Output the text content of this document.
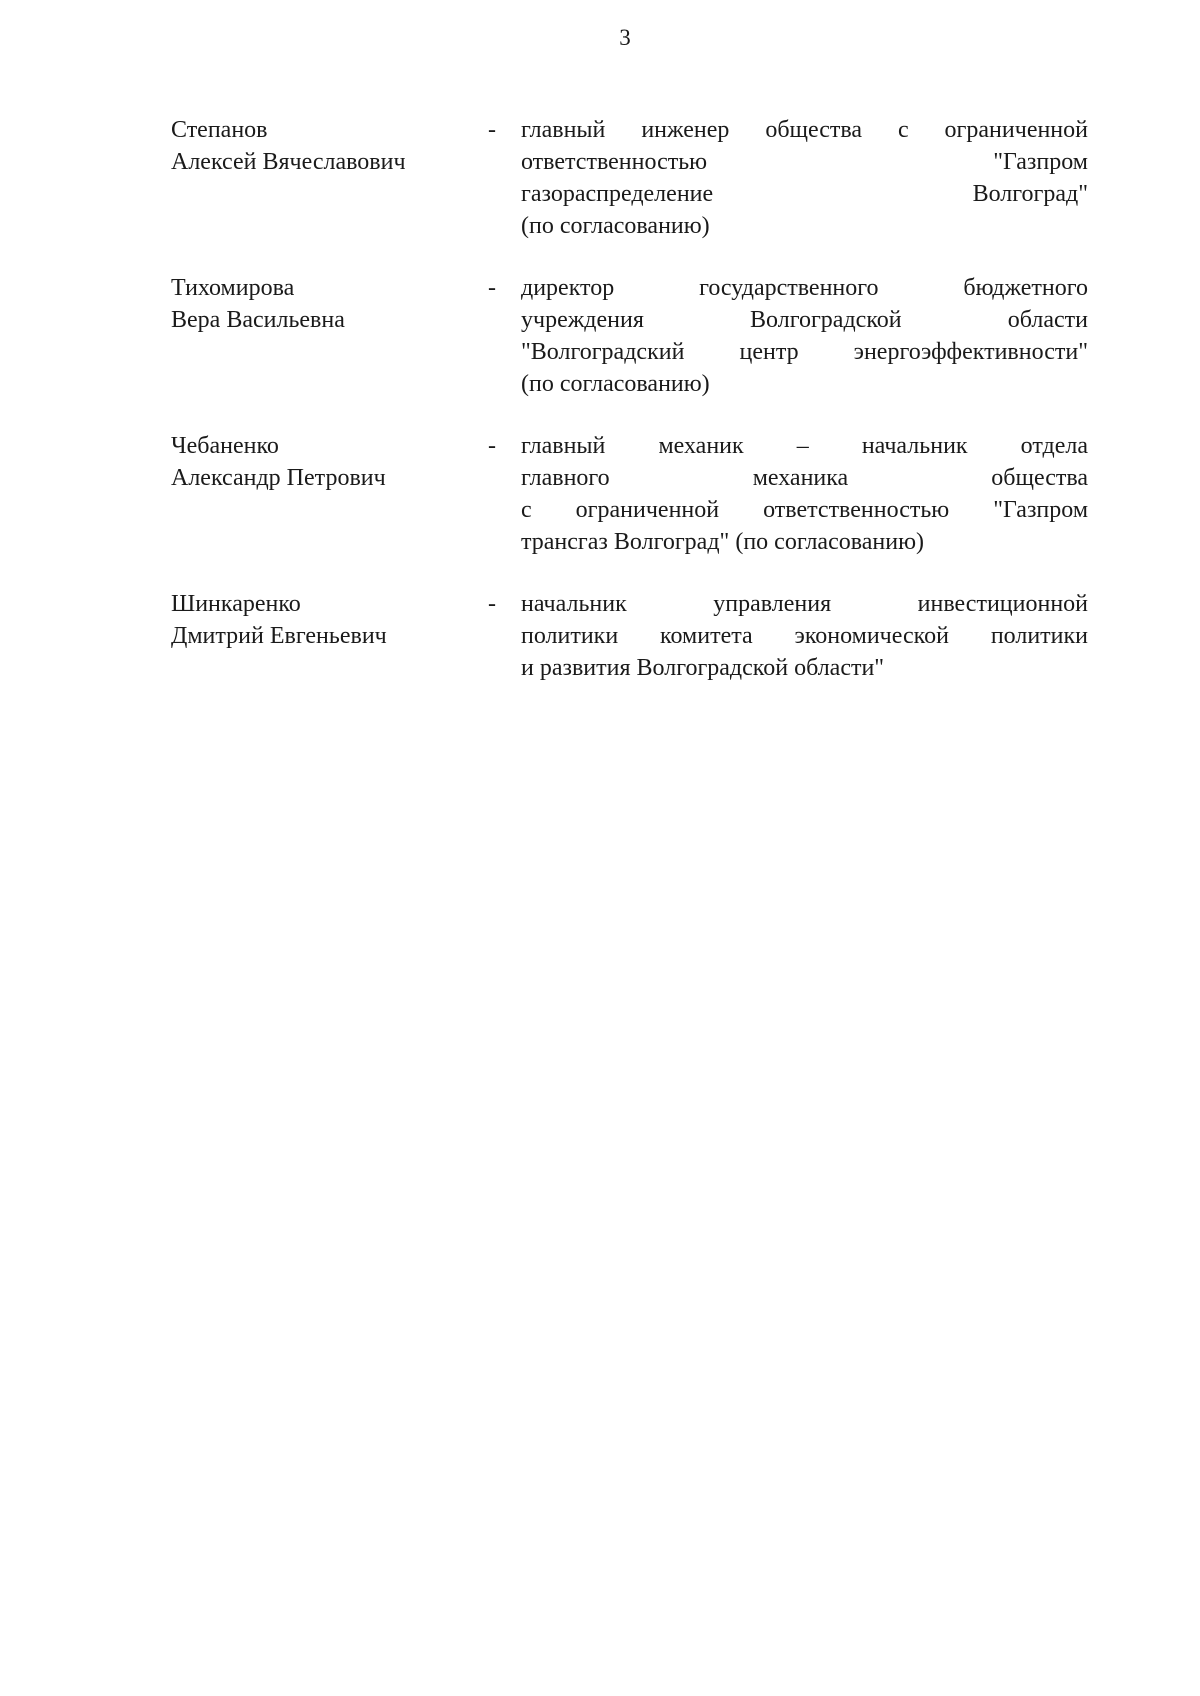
3
Степанов
Алексей Вячеславович
- главный инженер общества с ограниченной
ответственностью "Газпром
газораспределение Волгоград"
(по согласованию)
Тихомирова
Вера Васильевна
- директор государственного бюджетного
учреждения Волгоградской области
"Волгоградский центр энергоэффективности"
(по согласованию)
Чебаненко
Александр Петрович
- главный механик – начальник отдела
главного механика общества
с ограниченной ответственностью "Газпром
трансгаз Волгоград" (по согласованию)
Шинкаренко
Дмитрий Евгеньевич
- начальник управления инвестиционной
политики комитета экономической политики
и развития Волгоградской области"
